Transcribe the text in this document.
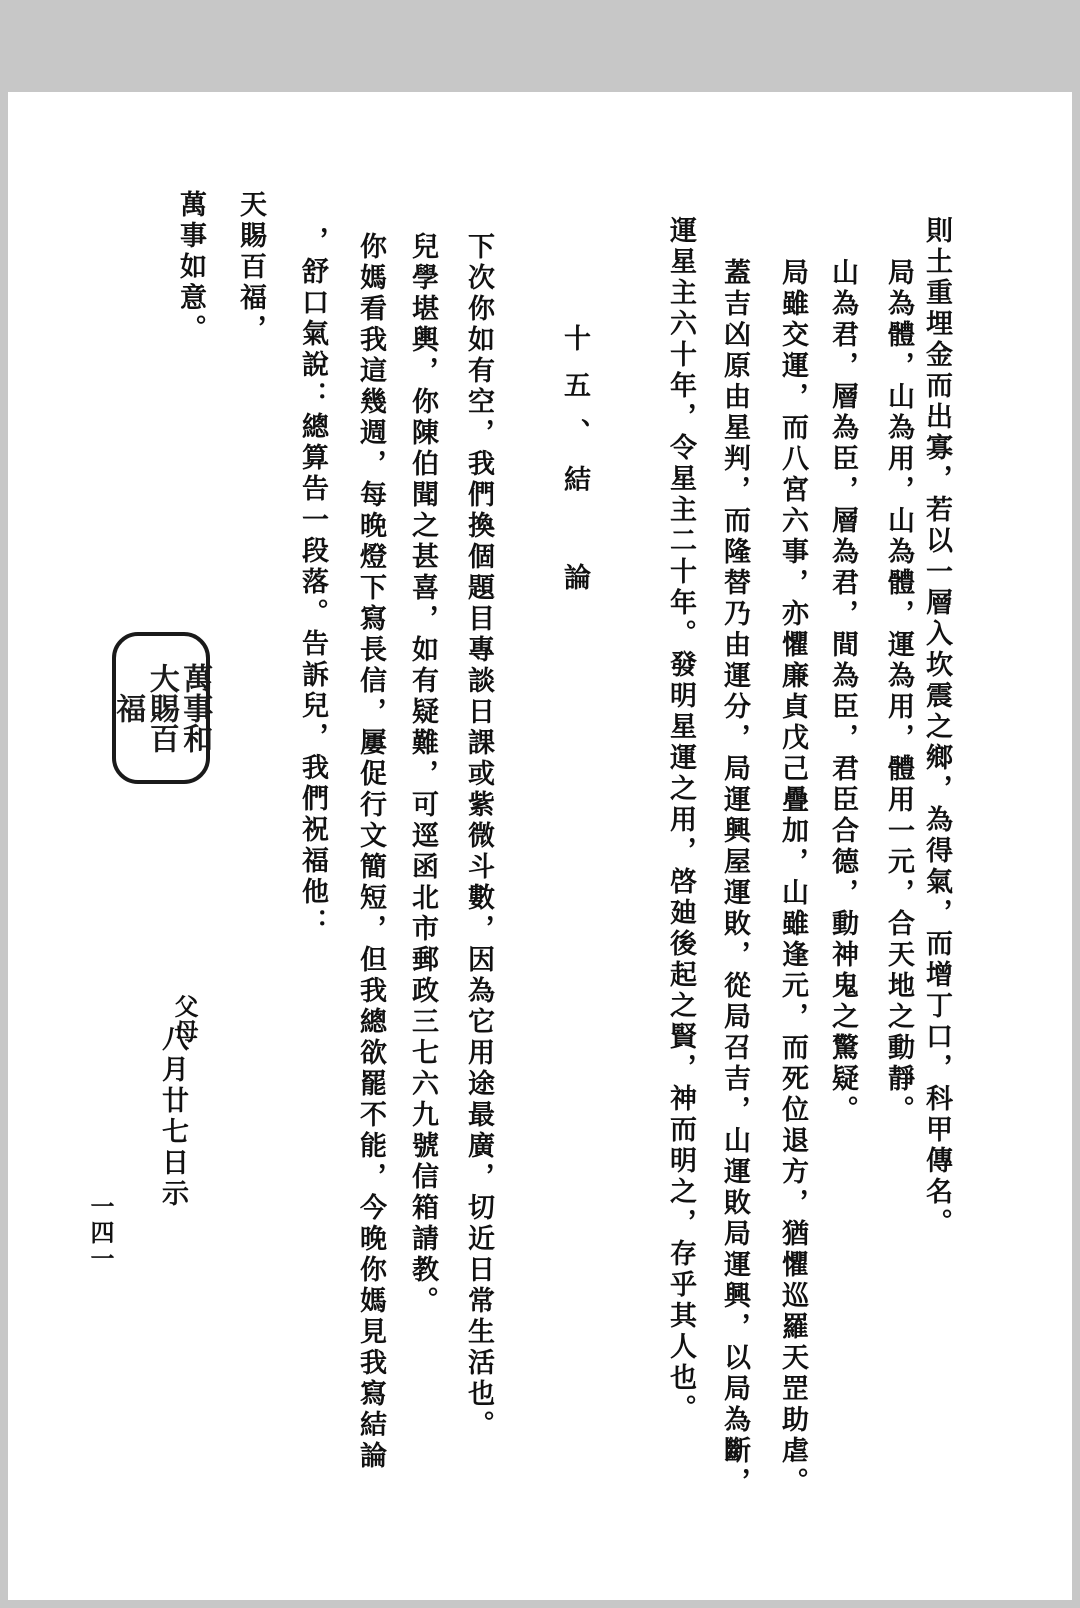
則土重埋金而出寡，若以一層入坎震之鄉，為得氣，而增丁口，科甲傳名。
局為體，山為用，山為體，運為用，體用一元，合天地之動靜。
山為君，層為臣，層為君，間為臣，君臣合德，動神鬼之驚疑。
局雖交運，而八宮六事，亦懼廉貞戊己疊加，山雖逢元，而死位退方，猶懼巡羅天罡助虐。
蓋吉凶原由星判，而隆替乃由運分，局運興屋運敗，從局召吉，山運敗局運興，以局為斷，
運星主六十年，令星主二十年。發明星運之用，啓廸後起之賢，神而明之，存乎其人也。
十五、結 論
下次你如有空，我們換個題目專談日課或紫微斗數，因為它用途最廣，切近日常生活也。
兒學堪輿，你陳伯聞之甚喜，如有疑難，可逕函北市郵政三七六九號信箱請教。
你媽看我這幾週，每晚燈下寫長信，屢促行文簡短，但我總欲罷不能，今晚你媽見我寫結論
，舒口氣說：總算告一段落。告訴兒，我們祝福他：
天賜百福，
萬事如意。
萬事和
大賜百
福
父母
八月廿七日示
一四一
